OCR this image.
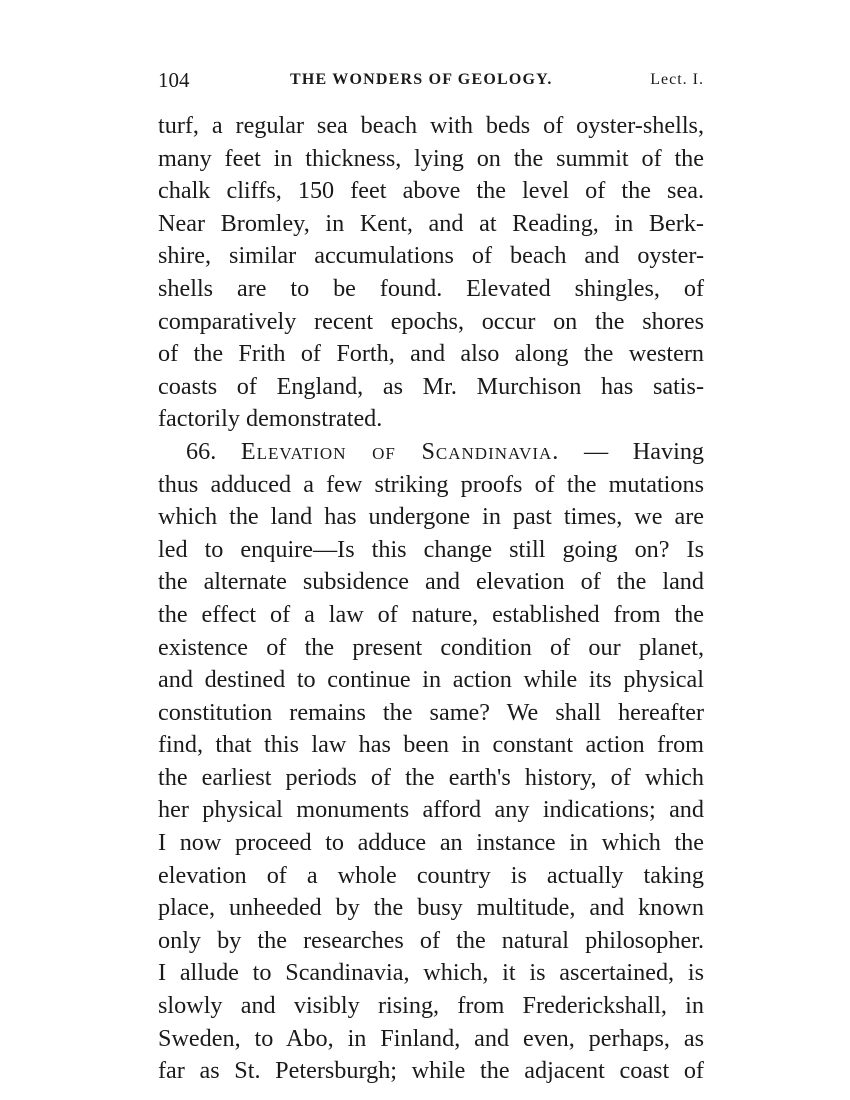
104	THE WONDERS OF GEOLOGY.	Lect. I.
turf, a regular sea beach with beds of oyster-shells,
many feet in thickness, lying on the summit of the
chalk cliffs, 150 feet above the level of the sea.
Near Bromley, in Kent, and at Reading, in Berk-
shire, similar accumulations of beach and oyster-
shells are to be found. Elevated shingles, of
comparatively recent epochs, occur on the shores
of the Frith of Forth, and also along the western
coasts of England, as Mr. Murchison has satis-
factorily demonstrated.
66. Elevation of Scandinavia. — Having
thus adduced a few striking proofs of the mutations
which the land has undergone in past times, we are
led to enquire—Is this change still going on? Is
the alternate subsidence and elevation of the land
the effect of a law of nature, established from the
existence of the present condition of our planet,
and destined to continue in action while its physical
constitution remains the same? We shall hereafter
find, that this law has been in constant action from
the earliest periods of the earth's history, of which
her physical monuments afford any indications; and
I now proceed to adduce an instance in which the
elevation of a whole country is actually taking
place, unheeded by the busy multitude, and known
only by the researches of the natural philosopher.
I allude to Scandinavia, which, it is ascertained, is
slowly and visibly rising, from Frederickshall, in
Sweden, to Abo, in Finland, and even, perhaps, as
far as St. Petersburgh; while the adjacent coast of
